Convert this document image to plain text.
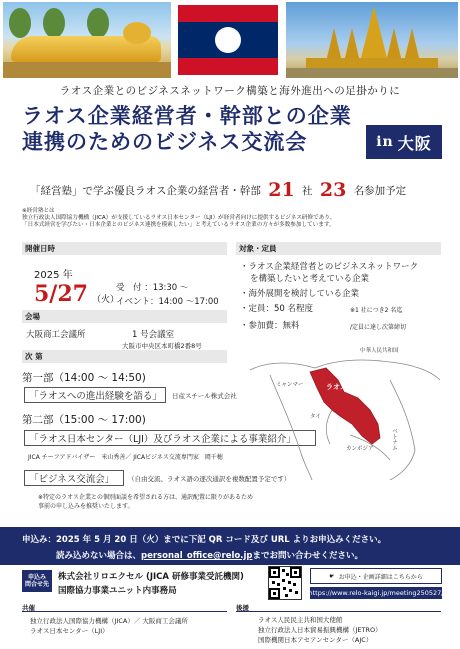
ラオス企業とのビジネスネットワーク構築と海外進出への足掛かりに
ラオス企業経営者・幹部との企業
連携のためのビジネス交流会	in 大阪
「経営塾」で学ぶ優良ラオス企業の経営者・幹部 21 社 23 名参加予定
※経営塾とは
独立行政法人国際協力機構（JICA）が支援しているラオス日本センター（LJI）が経営者向けに提供するビジネス研修であり、
「日本式経営を学びたい・日本企業とのビジネス連携を模索したい」と考えているラオス企業の方々が多数参加しています。
開催日時
2025 年
5/27 （火）
受　付 ：13:30 ～
イベント：14:00 ～17:00
会場
大阪商工会議所	1 号会議室
大阪市中央区本町橋2番8号
対象・定員
・ラオス企業経営者とのビジネスネットワーク
を構築したいと考えている企業
・海外展開を検討している企業
・定員：50 名程度	※1 社につき2 名迄
・参加費：無料	/定員に達し次第締切
次 第
第一部（14:00 ～ 14:50)
「ラオスへの進出経験を語る」	日産スチール株式会社
第二部（15:00 ～ 17:00)
「ラオス日本センター（LJI）及びラオス企業による事業紹介」
JICA チーフアドバイザー　米山秀善／ JICAビジネス交流専門家　岡千穂
「ビジネス交流会」	（自由交流、ラオス語の逐次通訳を複数配置予定です）
※特定のラオス企業との個別面談を希望される方は、通訳配置に限りがあるため
事前の申し込みを推奨いたします。
中華人民共和国
ミャンマー	ラオス
タイ
ベトナム
カンボジア
申込み：2025 年 5 月 20 日（火）までに下記 QR コード及び URL よりお申込みください。
読み込めない場合は、personal_office@relo.jpまでお問い合わせください。
申込み
問合せ先
株式会社リロエクセル (JICA 研修事業受託機関)
国際協力事業ユニット内事務局
☛ お申込・企画詳細はこちらから
https://www.relo-kaigi.jp/meeting250527/
共催
独立行政法人国際協力機構（JICA）／ 大阪商工会議所
ラオス日本センター（LJI）
後援
ラオス人民民主共和国大使館
独立行政法人日本貿易振興機構（JETRO）
国際機関日本アセアンセンター（AJC）
